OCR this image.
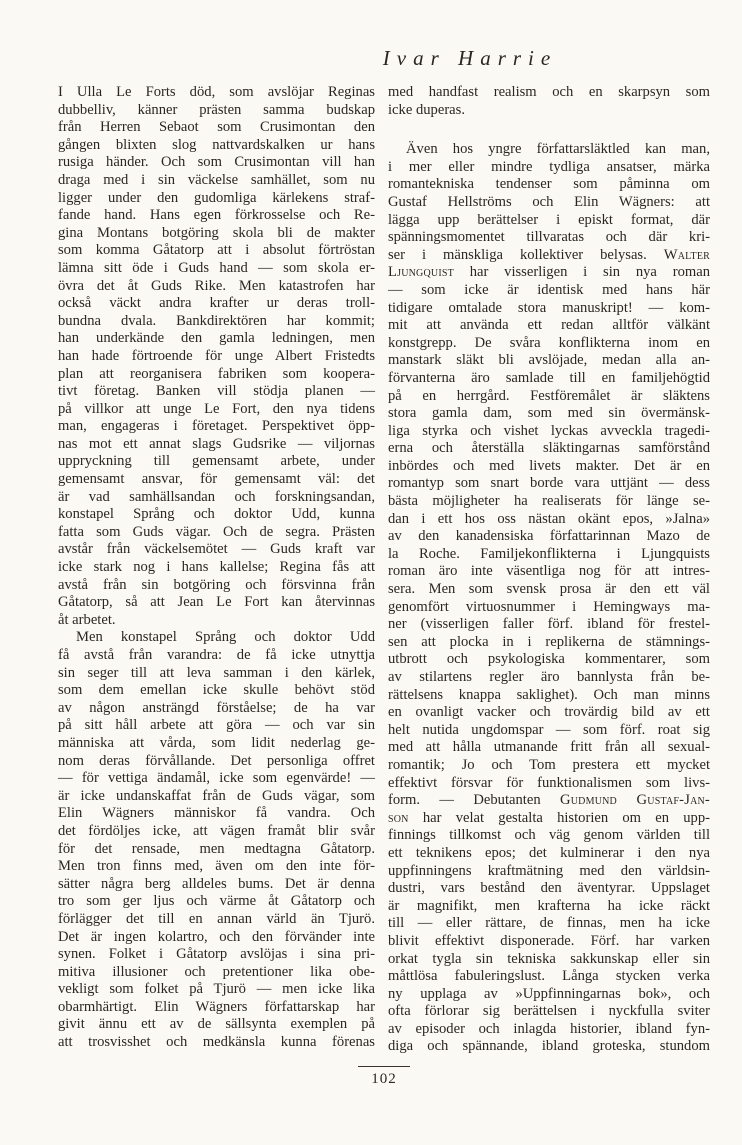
Ivar Harrie
I Ulla Le Forts död, som avslöjar Reginas
dubbelliv, känner prästen samma budskap
från Herren Sebaot som Crusimontan den
gången blixten slog nattvardskalken ur hans
rusiga händer. Och som Crusimontan vill han
draga med i sin väckelse samhället, som nu
ligger under den gudomliga kärlekens straf-
fande hand. Hans egen förkrosselse och Re-
gina Montans botgöring skola bli de makter
som komma Gåtatorp att i absolut förtröstan
lämna sitt öde i Guds hand — som skola er-
övra det åt Guds Rike. Men katastrofen har
också väckt andra krafter ur deras troll-
bundna dvala. Bankdirektören har kommit;
han underkände den gamla ledningen, men
han hade förtroende för unge Albert Fristedts
plan att reorganisera fabriken som koopera-
tivt företag. Banken vill stödja planen —
på villkor att unge Le Fort, den nya tidens
man, engageras i företaget. Perspektivet öpp-
nas mot ett annat slags Gudsrike — viljornas
uppryckning till gemensamt arbete, under
gemensamt ansvar, för gemensamt väl: det
är vad samhällsandan och forskningsandan,
konstapel Språng och doktor Udd, kunna
fatta som Guds vägar. Och de segra. Prästen
avstår från väckelsemötet — Guds kraft var
icke stark nog i hans kallelse; Regina fås att
avstå från sin botgöring och försvinna från
Gåtatorp, så att Jean Le Fort kan återvinnas
åt arbetet.
Men konstapel Språng och doktor Udd
få avstå från varandra: de få icke utnyttja
sin seger till att leva samman i den kärlek,
som dem emellan icke skulle behövt stöd
av någon ansträngd förståelse; de ha var
på sitt håll arbete att göra — och var sin
människa att vårda, som lidit nederlag ge-
nom deras förvållande. Det personliga offret
— för vettiga ändamål, icke som egenvärde! —
är icke undanskaffat från de Guds vägar, som
Elin Wägners människor få vandra. Och
det fördöljes icke, att vägen framåt blir svår
för det rensade, men medtagna Gåtatorp.
Men tron finns med, även om den inte för-
sätter några berg alldeles bums. Det är denna
tro som ger ljus och värme åt Gåtatorp och
förlägger det till en annan värld än Tjurö.
Det är ingen kolartro, och den förvänder inte
synen. Folket i Gåtatorp avslöjas i sina pri-
mitiva illusioner och pretentioner lika obe-
vekligt som folket på Tjurö — men icke lika
obarmhärtigt. Elin Wägners författarskap har
givit ännu ett av de sällsynta exemplen på
att trosvisshet och medkänsla kunna förenas
med handfast realism och en skarpsyn som
icke duperas.
Även hos yngre författarsläktled kan man,
i mer eller mindre tydliga ansatser, märka
romantekniska tendenser som påminna om
Gustaf Hellströms och Elin Wägners: att
lägga upp berättelser i episkt format, där
spänningsmomentet tillvaratas och där kri-
ser i mänskliga kollektiver belysas. Walter
Ljungquist har visserligen i sin nya roman
— som icke är identisk med hans här
tidigare omtalade stora manuskript! — kom-
mit att använda ett redan alltför välkänt
konstgrepp. De svåra konflikterna inom en
manstark släkt bli avslöjade, medan alla an-
förvanterna äro samlade till en familjehögtid
på en herrgård. Festföremålet är släktens
stora gamla dam, som med sin övermänsk-
liga styrka och vishet lyckas avveckla tragedi-
erna och återställa släktingarnas samförstånd
inbördes och med livets makter. Det är en
romantyp som snart borde vara uttjänt — dess
bästa möjligheter ha realiserats för länge se-
dan i ett hos oss nästan okänt epos, »Jalna»
av den kanadensiska författarinnan Mazo de
la Roche. Familjekonflikterna i Ljungquists
roman äro inte väsentliga nog för att intres-
sera. Men som svensk prosa är den ett väl
genomfört virtuosnummer i Hemingways ma-
ner (visserligen faller förf. ibland för frestel-
sen att plocka in i replikerna de stämnings-
utbrott och psykologiska kommentarer, som
av stilartens regler äro bannlysta från be-
rättelsens knappa saklighet). Och man minns
en ovanligt vacker och trovärdig bild av ett
helt nutida ungdomspar — som förf. roat sig
med att hålla utmanande fritt från all sexual-
romantik; Jo och Tom prestera ett mycket
effektivt försvar för funktionalismen som livs-
form. — Debutanten Gudmund Gustaf-Jan-
son har velat gestalta historien om en upp-
finnings tillkomst och väg genom världen till
ett teknikens epos; det kulminerar i den nya
uppfinningens kraftmätning med den världsin-
dustri, vars bestånd den äventyrar. Uppslaget
är magnifikt, men krafterna ha icke räckt
till — eller rättare, de finnas, men ha icke
blivit effektivt disponerade. Förf. har varken
orkat tygla sin tekniska sakkunskap eller sin
måttlösa fabuleringslust. Långa stycken verka
ny upplaga av »Uppfinningarnas bok», och
ofta förlorar sig berättelsen i nyckfulla sviter
av episoder och inlagda historier, ibland fyn-
diga och spännande, ibland groteska, stundom
102
